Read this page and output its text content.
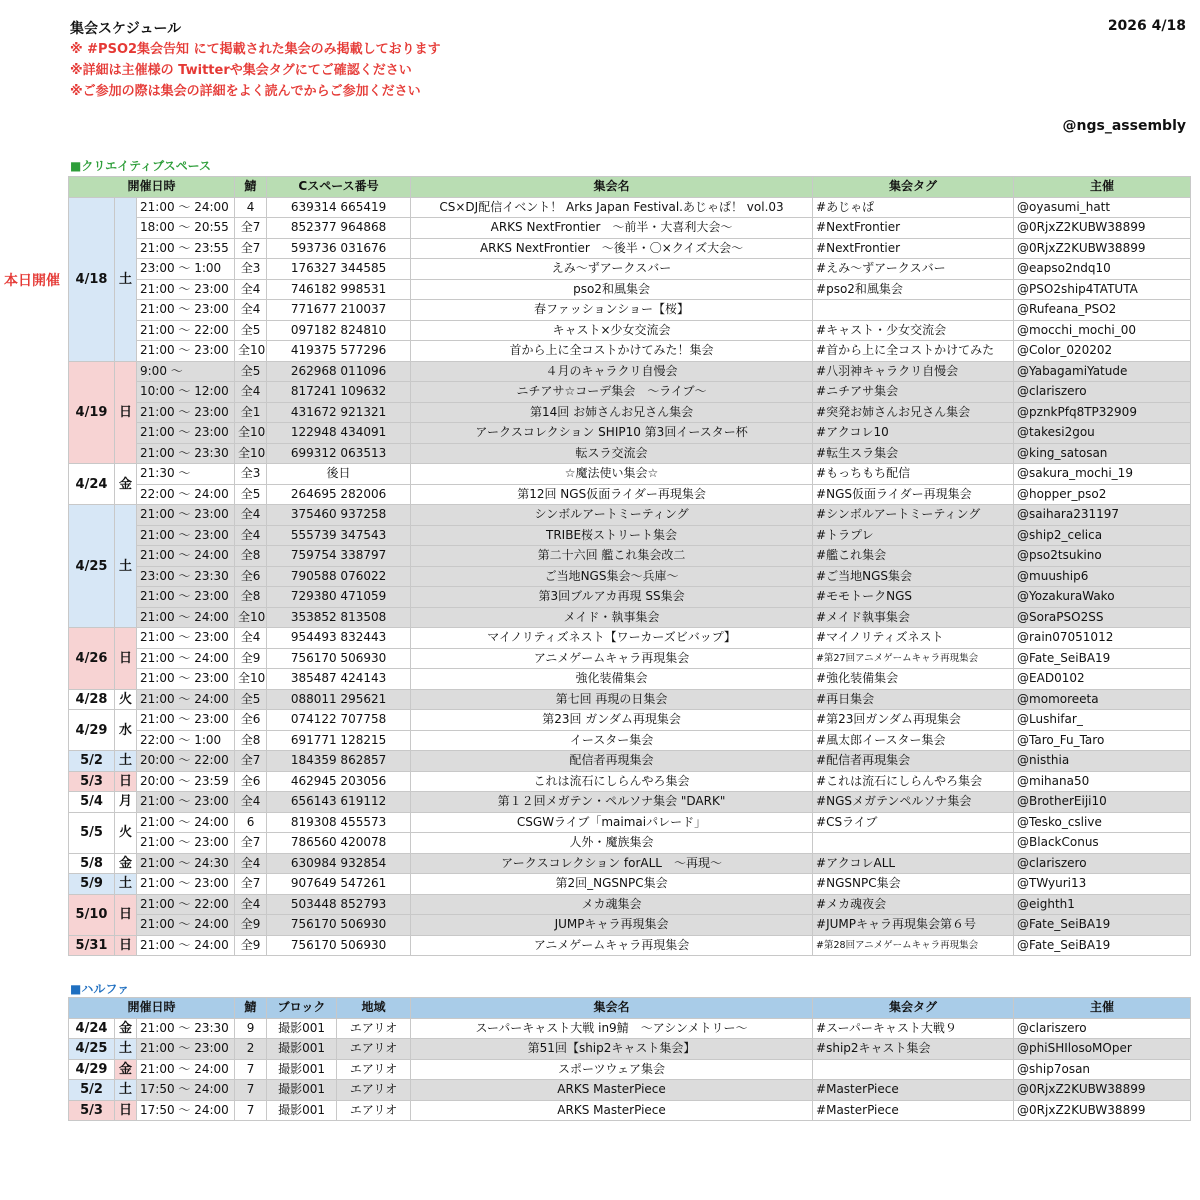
集会スケジュール	2026 4/18
※ #PSO2集会告知 にて掲載された集会のみ掲載しております
※詳細は主催様の Twitterや集会タグにてご確認ください
※ご参加の際は集会の詳細をよく読んでからご参加ください
@ngs_assembly
本日開催
■クリエイティブスペース
開催日時			鯖	Cスペース番号	集会名	集会タグ	主催
4/18	土	21:00 ～ 24:00	4	639314 665419	CS×DJ配信イベント！ Arks Japan Festival.あじゃぱ！ vol.03	#あじゃぱ	@oyasumi_hatt
		18:00 ～ 20:55	全7	852377 964868	ARKS NextFrontier　～前半・大喜利大会～	#NextFrontier	@0RjxZ2KUBW38899
		21:00 ～ 23:55	全7	593736 031676	ARKS NextFrontier　～後半・〇×クイズ大会～	#NextFrontier	@0RjxZ2KUBW38899
		23:00 ～ 1:00	全3	176327 344585	えみ～ずアークスバー	#えみ～ずアークスバー	@eapso2ndq10
		21:00 ～ 23:00	全4	746182 998531	pso2和風集会	#pso2和風集会	@PSO2ship4TATUTA
		21:00 ～ 23:00	全4	771677 210037	春ファッションショー【桜】		@Rufeana_PSO2
		21:00 ～ 22:00	全5	097182 824810	キャスト×少女交流会	#キャスト・少女交流会	@mocchi_mochi_00
		21:00 ～ 23:00	全10	419375 577296	首から上に全コストかけてみた！集会	#首から上に全コストかけてみた	@Color_020202
4/19	日	9:00 ～	全5	262968 011096	４月のキャラクリ自慢会	#八羽神キャラクリ自慢会	@YabagamiYatude
		10:00 ～ 12:00	全4	817241 109632	ニチアサ☆コーデ集会　～ライブ～	#ニチアサ集会	@clariszero
		21:00 ～ 23:00	全1	431672 921321	第14回 お姉さんお兄さん集会	#突発お姉さんお兄さん集会	@pznkPfq8TP32909
		21:00 ～ 23:00	全10	122948 434091	アークスコレクション SHIP10 第3回イースター杯	#アクコレ10	@takesi2gou
		21:00 ～ 23:30	全10	699312 063513	転スラ交流会	#転生スラ集会	@king_satosan
4/24	金	21:30 ～	全3	後日	☆魔法使い集会☆	#もっちもち配信	@sakura_mochi_19
		22:00 ～ 24:00	全5	264695 282006	第12回 NGS仮面ライダー再現集会	#NGS仮面ライダー再現集会	@hopper_pso2
4/25	土	21:00 ～ 23:00	全4	375460 937258	シンボルアートミーティング	#シンボルアートミーティング	@saihara231197
		21:00 ～ 23:00	全4	555739 347543	TRIBE桜ストリート集会	#トラプレ	@ship2_celica
		21:00 ～ 24:00	全8	759754 338797	第二十六回 艦これ集会改二	#艦これ集会	@pso2tsukino
		23:00 ～ 23:30	全6	790588 076022	ご当地NGS集会～兵庫～	#ご当地NGS集会	@muuship6
		21:00 ～ 23:00	全8	729380 471059	第3回ブルアカ再現 SS集会	#モモトークNGS	@YozakuraWako
		21:00 ～ 24:00	全10	353852 813508	メイド・執事集会	#メイド執事集会	@SoraPSO2SS
4/26	日	21:00 ～ 23:00	全4	954493 832443	マイノリティズネスト【ワーカーズビバップ】	#マイノリティズネスト	@rain07051012
		21:00 ～ 24:00	全9	756170 506930	アニメゲームキャラ再現集会	#第27回アニメゲームキャラ再現集会	@Fate_SeiBA19
		21:00 ～ 23:00	全10	385487 424143	強化装備集会	#強化装備集会	@EAD0102
4/28	火	21:00 ～ 24:00	全5	088011 295621	第七回 再現の日集会	#再日集会	@momoreeta
4/29	水	21:00 ～ 23:00	全6	074122 707758	第23回 ガンダム再現集会	#第23回ガンダム再現集会	@Lushifar_
		22:00 ～ 1:00	全8	691771 128215	イースター集会	#風太郎イースター集会	@Taro_Fu_Taro
5/2	土	20:00 ～ 22:00	全7	184359 862857	配信者再現集会	#配信者再現集会	@nisthia
5/3	日	20:00 ～ 23:59	全6	462945 203056	これは流石にしらんやろ集会	#これは流石にしらんやろ集会	@mihana50
5/4	月	21:00 ～ 23:00	全4	656143 619112	第１２回メガテン・ペルソナ集会 "DARK"	#NGSメガテンペルソナ集会	@BrotherEiji10
5/5	火	21:00 ～ 24:00	6	819308 455573	CSGWライブ「maimaiパレード」	#CSライブ	@Tesko_cslive
		21:00 ～ 23:00	全7	786560 420078	人外・魔族集会		@BlackConus
5/8	金	21:00 ～ 24:30	全4	630984 932854	アークスコレクション forALL　～再現～	#アクコレALL	@clariszero
5/9	土	21:00 ～ 23:00	全7	907649 547261	第2回_NGSNPC集会	#NGSNPC集会	@TWyuri13
5/10	日	21:00 ～ 22:00	全4	503448 852793	メカ魂集会	#メカ魂夜会	@eighth1
		21:00 ～ 24:00	全9	756170 506930	JUMPキャラ再現集会	#JUMPキャラ再現集会第６号	@Fate_SeiBA19
5/31	日	21:00 ～ 24:00	全9	756170 506930	アニメゲームキャラ再現集会	#第28回アニメゲームキャラ再現集会	@Fate_SeiBA19
■ハルファ
開催日時			鯖	ブロック	地域	集会名	集会タグ	主催
4/24	金	21:00 ～ 23:30	9	撮影001	エアリオ	スーパーキャスト大戦 in9鯖　～アシンメトリー～	#スーパーキャスト大戦９	@clariszero
4/25	土	21:00 ～ 23:00	2	撮影001	エアリオ	第51回【ship2キャスト集会】	#ship2キャスト集会	@phiSHIlosoMOper
4/29	金	21:00 ～ 24:00	7	撮影001	エアリオ	スポーツウェア集会		@ship7osan
5/2	土	17:50 ～ 24:00	7	撮影001	エアリオ	ARKS MasterPiece	#MasterPiece	@0RjxZ2KUBW38899
5/3	日	17:50 ～ 24:00	7	撮影001	エアリオ	ARKS MasterPiece	#MasterPiece	@0RjxZ2KUBW38899
